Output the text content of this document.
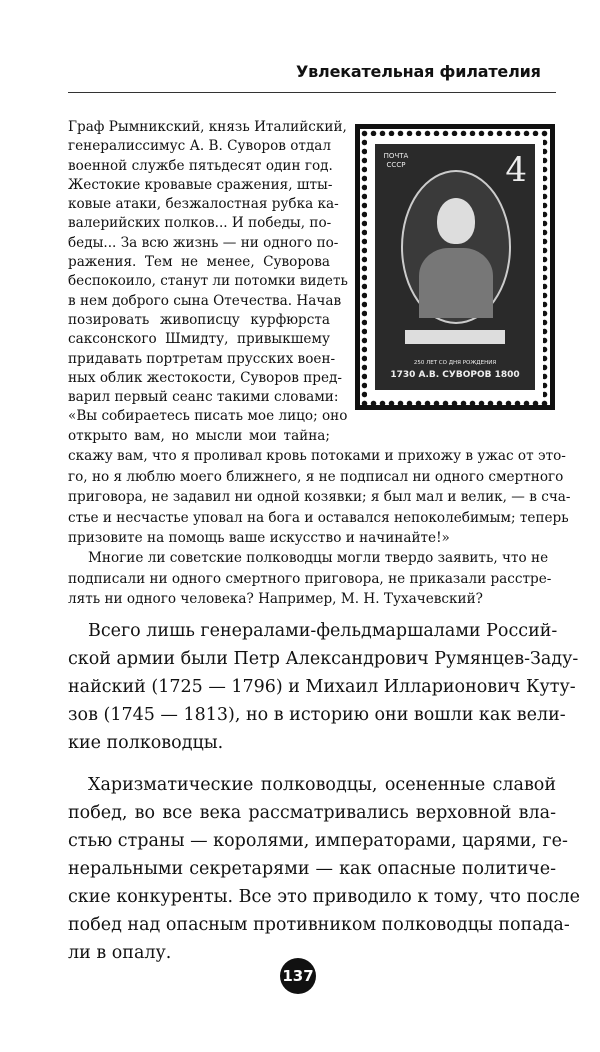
Увлекательная филателия
ПОЧТА СССР	4
250 ЛЕТ СО ДНЯ РОЖДЕНИЯ
1730 А.В. СУВОРОВ 1800
Граф Рымникский, князь Италийский,
генералиссимус А. В. Суворов отдал
военной службе пятьдесят один год.
Жестокие кровавые сражения, шты-
ковые атаки, безжалостная рубка ка-
валерийских полков... И победы, по-
беды... За всю жизнь — ни одного по-
ражения. Тем не менее, Суворова
беспокоило, станут ли потомки видеть
в нем доброго сына Отечества. Начав
позировать живописцу курфюрста
саксонского Шмидту, привыкшему
придавать портретам прусских воен-
ных облик жестокости, Суворов пред-
варил первый сеанс такими словами:
«Вы собираетесь писать мое лицо; оно
открыто вам, но мысли мои тайна;
скажу вам, что я проливал кровь потоками и прихожу в ужас от это-
го, но я люблю моего ближнего, я не подписал ни одного смертного
приговора, не задавил ни одной козявки; я был мал и велик, — в сча-
стье и несчастье уповал на бога и оставался непоколебимым; теперь
призовите на помощь ваше искусство и начинайте!»
Многие ли советские полководцы могли твердо заявить, что не
подписали ни одного смертного приговора, не приказали расстре-
лять ни одного человека? Например, М. Н. Тухачевский?
Всего лишь генералами-фельдмаршалами Россий-
ской армии были Петр Александрович Румянцев-Заду-
найский (1725 — 1796) и Михаил Илларионович Куту-
зов (1745 — 1813), но в историю они вошли как вели-
кие полководцы.
Харизматические полководцы, осененные славой
побед, во все века рассматривались верховной вла-
стью страны — королями, императорами, царями, ге-
неральными секретарями — как опасные политиче-
ские конкуренты. Все это приводило к тому, что после
побед над опасным противником полководцы попада-
ли в опалу.
137
